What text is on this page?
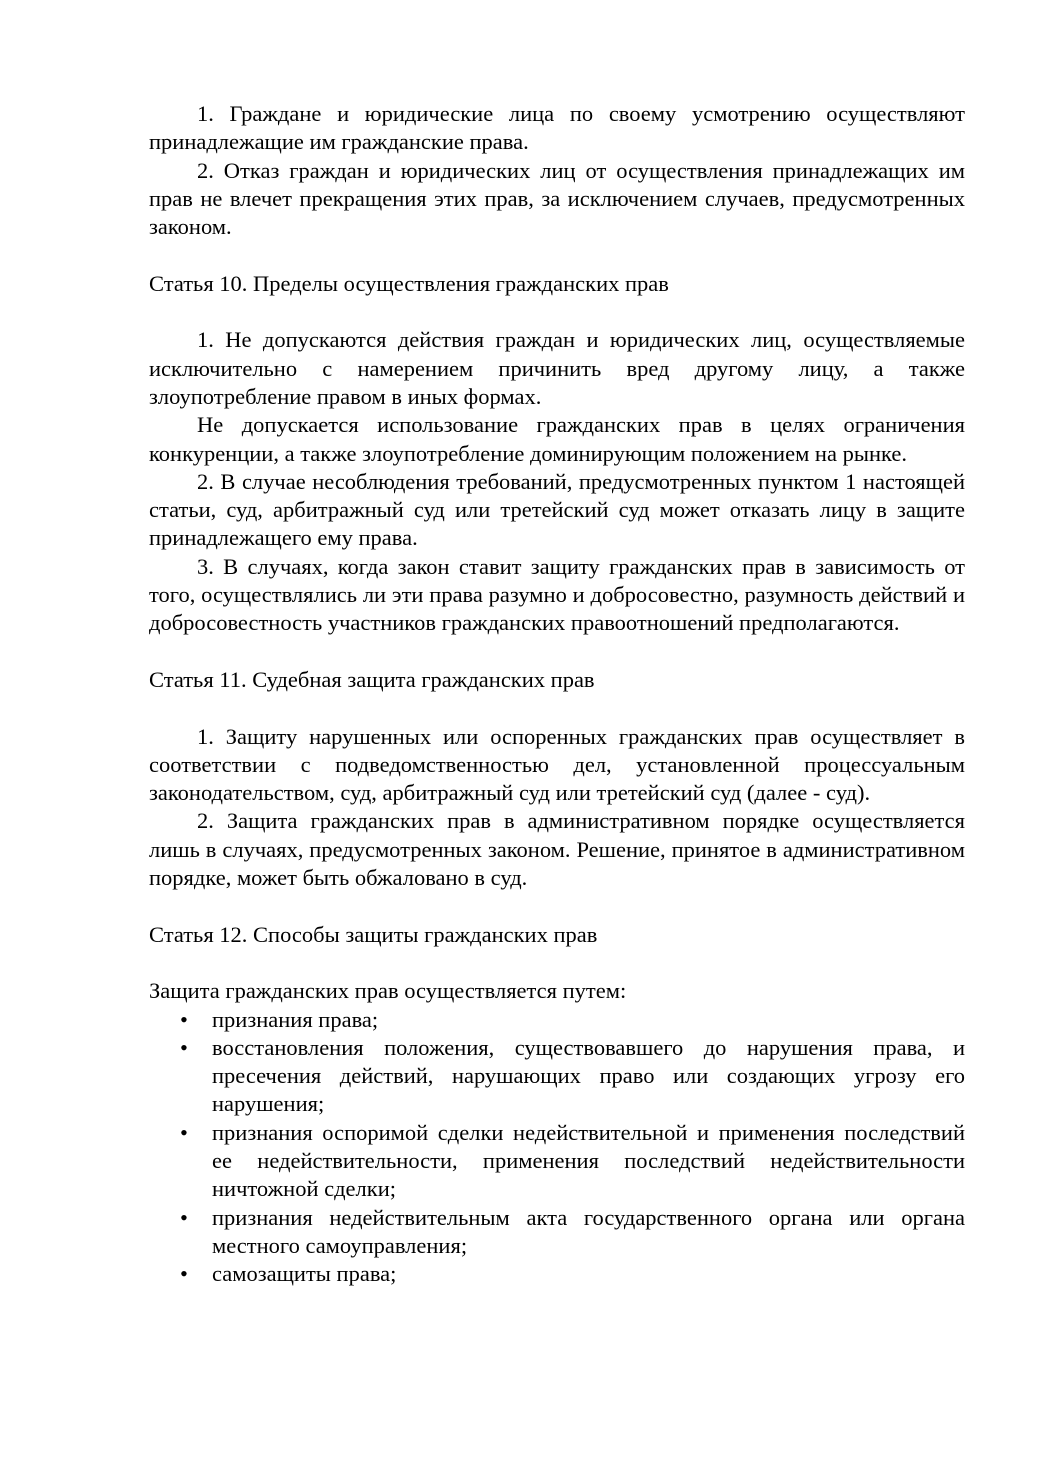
1. Граждане и юридические лица по своему усмотрению осуществляют принадлежащие им гражданские права.

2. Отказ граждан и юридических лиц от осуществления принадлежащих им прав не влечет прекращения этих прав, за исключением случаев, предусмотренных законом.

Статья 10. Пределы осуществления гражданских прав

1. Не допускаются действия граждан и юридических лиц, осуществляемые исключительно с намерением причинить вред другому лицу, а также злоупотребление правом в иных формах.

Не допускается использование гражданских прав в целях ограничения конкуренции, а также злоупотребление доминирующим положением на рынке.

2. В случае несоблюдения требований, предусмотренных пунктом 1 настоящей статьи, суд, арбитражный суд или третейский суд может отказать лицу в защите принадлежащего ему права.

3. В случаях, когда закон ставит защиту гражданских прав в зависимость от того, осуществлялись ли эти права разумно и добросовестно, разумность действий и добросовестность участников гражданских правоотношений предполагаются.

Статья 11. Судебная защита гражданских прав

1. Защиту нарушенных или оспоренных гражданских прав осуществляет в соответствии с подведомственностью дел, установленной процессуальным законодательством, суд, арбитражный суд или третейский суд (далее - суд).

2. Защита гражданских прав в административном порядке осуществляется лишь в случаях, предусмотренных законом. Решение, принятое в административном порядке, может быть обжаловано в суд.

Статья 12. Способы защиты гражданских прав

Защита гражданских прав осуществляется путем:

• признания права;
• восстановления положения, существовавшего до нарушения права, и пресечения действий, нарушающих право или создающих угрозу его нарушения;
• признания оспоримой сделки недействительной и применения последствий ее недействительности, применения последствий недействительности ничтожной сделки;
• признания недействительным акта государственного органа или органа местного самоуправления;
• самозащиты права;
